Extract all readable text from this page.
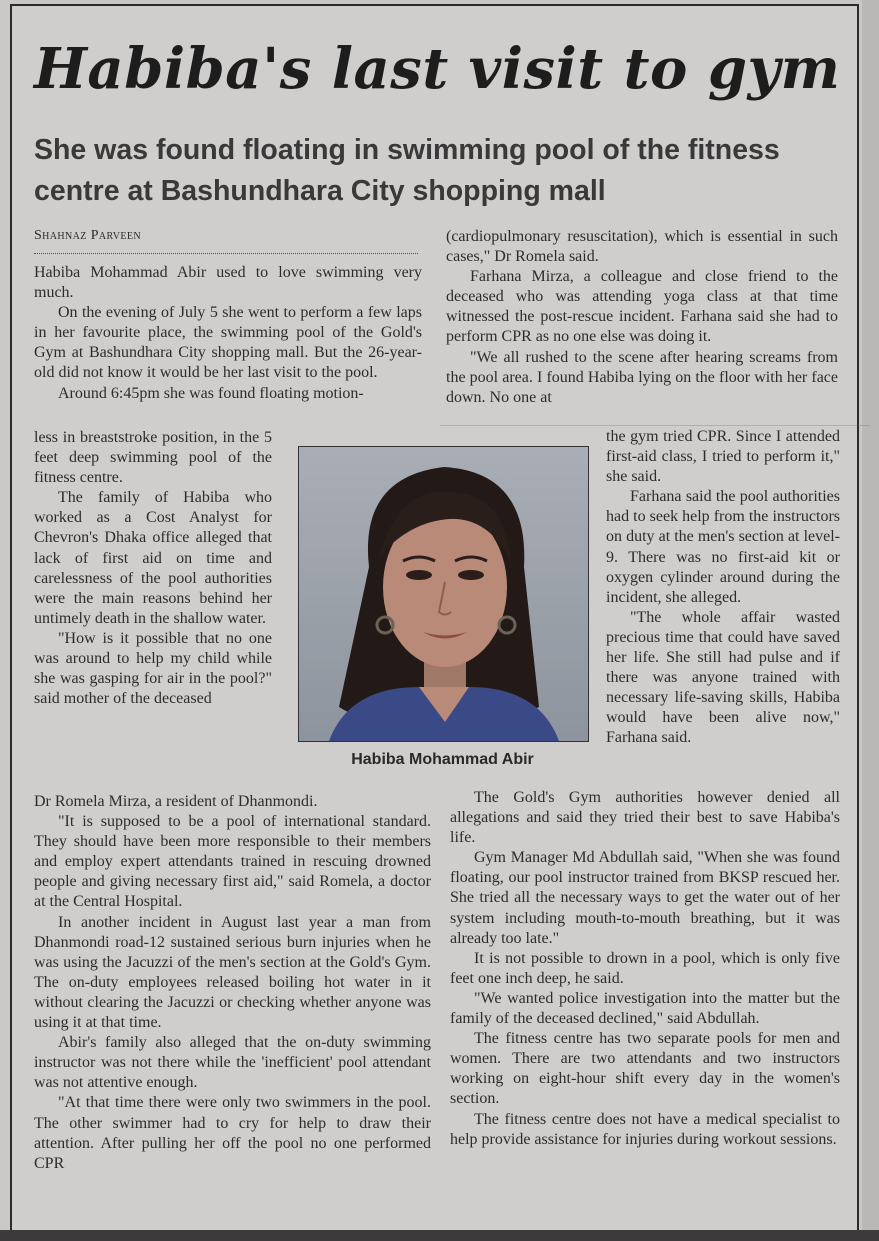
Habiba's last visit to gym
She was found floating in swimming pool of the fitness centre at Bashundhara City shopping mall
Shahnaz Parveen

Habiba Mohammad Abir used to love swimming very much.

On the evening of July 5 she went to perform a few laps in her favourite place, the swimming pool of the Gold's Gym at Bashundhara City shopping mall. But the 26-year-old did not know it would be her last visit to the pool.

Around 6:45pm she was found floating motion-

less in breaststroke position, in the 5 feet deep swimming pool of the fitness centre.

The family of Habiba who worked as a Cost Analyst for Chevron's Dhaka office alleged that lack of first aid on time and carelessness of the pool authorities were the main reasons behind her untimely death in the shallow water.

"How is it possible that no one was around to help my child while she was gasping for air in the pool?" said mother of the deceased

Dr Romela Mirza, a resident of Dhanmondi.

"It is supposed to be a pool of international standard. They should have been more responsible to their members and employ expert attendants trained in rescuing drowned people and giving necessary first aid," said Romela, a doctor at the Central Hospital.

In another incident in August last year a man from Dhanmondi road-12 sustained serious burn injuries when he was using the Jacuzzi of the men's section at the Gold's Gym. The on-duty employees released boiling hot water in it without clearing the Jacuzzi or checking whether anyone was using it at that time.

Abir's family also alleged that the on-duty swimming instructor was not there while the 'inefficient' pool attendant was not attentive enough.

"At that time there were only two swimmers in the pool. The other swimmer had to cry for help to draw their attention. After pulling her off the pool no one performed CPR

Habiba Mohammad Abir

(cardiopulmonary resuscitation), which is essential in such cases," Dr Romela said.

Farhana Mirza, a colleague and close friend to the deceased who was attending yoga class at that time witnessed the post-rescue incident. Farhana said she had to perform CPR as no one else was doing it.

"We all rushed to the scene after hearing screams from the pool area. I found Habiba lying on the floor with her face down. No one at

the gym tried CPR. Since I attended first-aid class, I tried to perform it," she said.

Farhana said the pool authorities had to seek help from the instructors on duty at the men's section at level-9. There was no first-aid kit or oxygen cylinder around during the incident, she alleged.

"The whole affair wasted precious time that could have saved her life. She still had pulse and if there was anyone trained with necessary life-saving skills, Habiba would have been alive now," Farhana said.

The Gold's Gym authorities however denied all allegations and said they tried their best to save Habiba's life.

Gym Manager Md Abdullah said, "When she was found floating, our pool instructor trained from BKSP rescued her. She tried all the necessary ways to get the water out of her system including mouth-to-mouth breathing, but it was already too late."

It is not possible to drown in a pool, which is only five feet one inch deep, he said.

"We wanted police investigation into the matter but the family of the deceased declined," said Abdullah.

The fitness centre has two separate pools for men and women. There are two attendants and two instructors working on eight-hour shift every day in the women's section.

The fitness centre does not have a medical specialist to help provide assistance for injuries during workout sessions.
